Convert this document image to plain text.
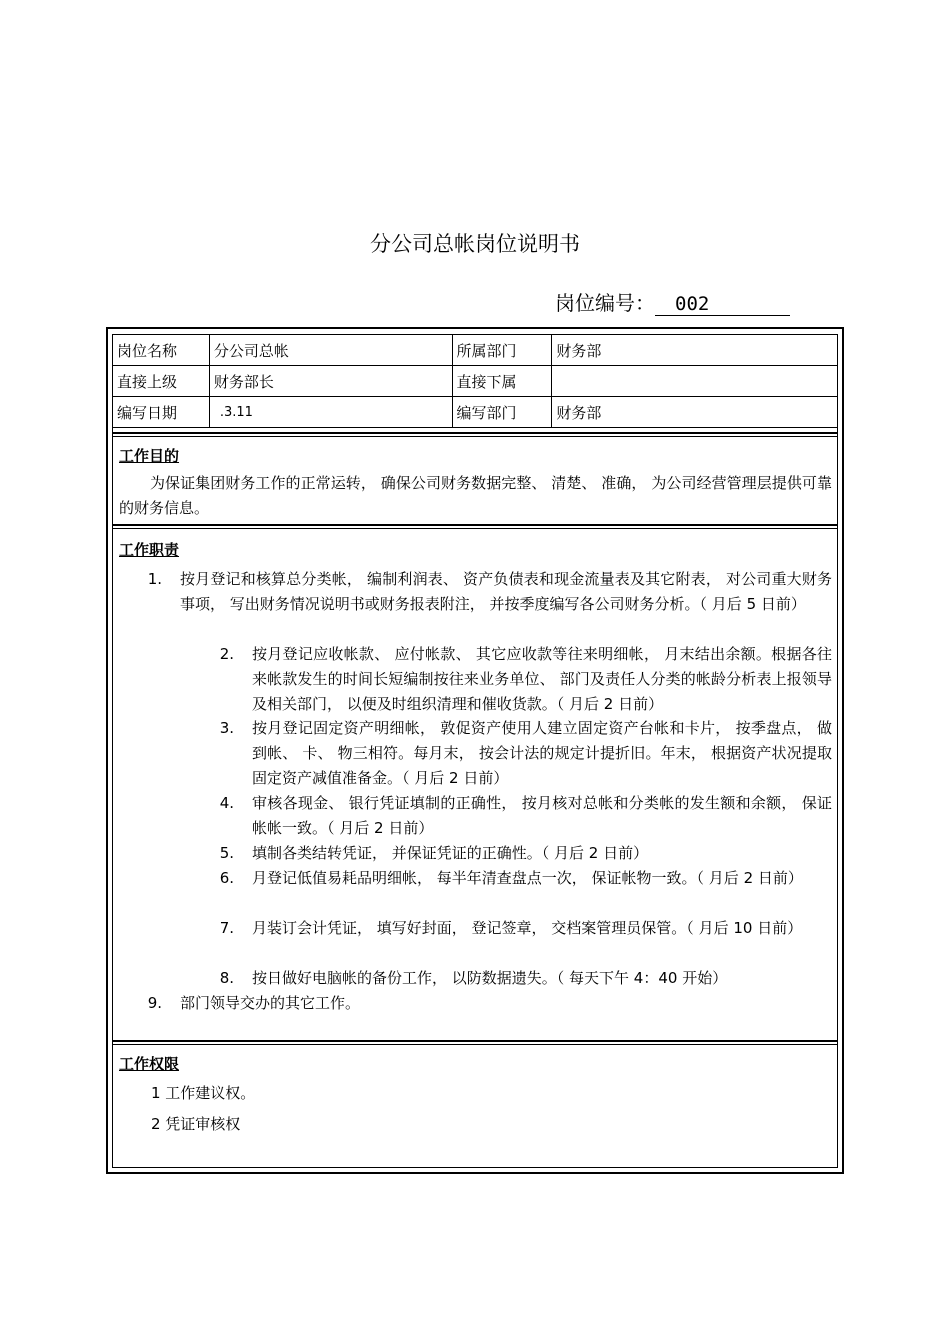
分公司总帐岗位说明书
岗位编号：	002
岗位名称	分公司总帐	所属部门	财务部
直接上级	财务部长	直接下属	
编写日期	.3.11	编写部门	财务部
工作目的
为保证集团财务工作的正常运转， 确保公司财务数据完整、 清楚、 准确， 为公司经营管理层提供可靠的财务信息。
工作职责
1. 按月登记和核算总分类帐， 编制利润表、 资产负债表和现金流量表及其它附表， 对公司重大财务事项， 写出财务情况说明书或财务报表附注， 并按季度编写各公司财务分析。（ 月后 5 日前）
2. 按月登记应收帐款、 应付帐款、 其它应收款等往来明细帐， 月末结出余额。根据各往来帐款发生的时间长短编制按往来业务单位、 部门及责任人分类的帐龄分析表上报领导及相关部门， 以便及时组织清理和催收货款。（ 月后 2 日前）
3. 按月登记固定资产明细帐， 敦促资产使用人建立固定资产台帐和卡片， 按季盘点， 做到帐、 卡、 物三相符。每月末， 按会计法的规定计提折旧。年末， 根据资产状况提取固定资产减值准备金。（ 月后 2 日前）
4. 审核各现金、 银行凭证填制的正确性， 按月核对总帐和分类帐的发生额和余额， 保证帐帐一致。（ 月后 2 日前）
5. 填制各类结转凭证， 并保证凭证的正确性。（ 月后 2 日前）
6. 月登记低值易耗品明细帐， 每半年清查盘点一次， 保证帐物一致。（ 月后 2 日前）
7. 月装订会计凭证， 填写好封面， 登记签章， 交档案管理员保管。（ 月后 10 日前）
8. 按日做好电脑帐的备份工作， 以防数据遗失。（ 每天下午 4：40 开始）
9. 部门领导交办的其它工作。
工作权限
1 工作建议权。
2 凭证审核权
